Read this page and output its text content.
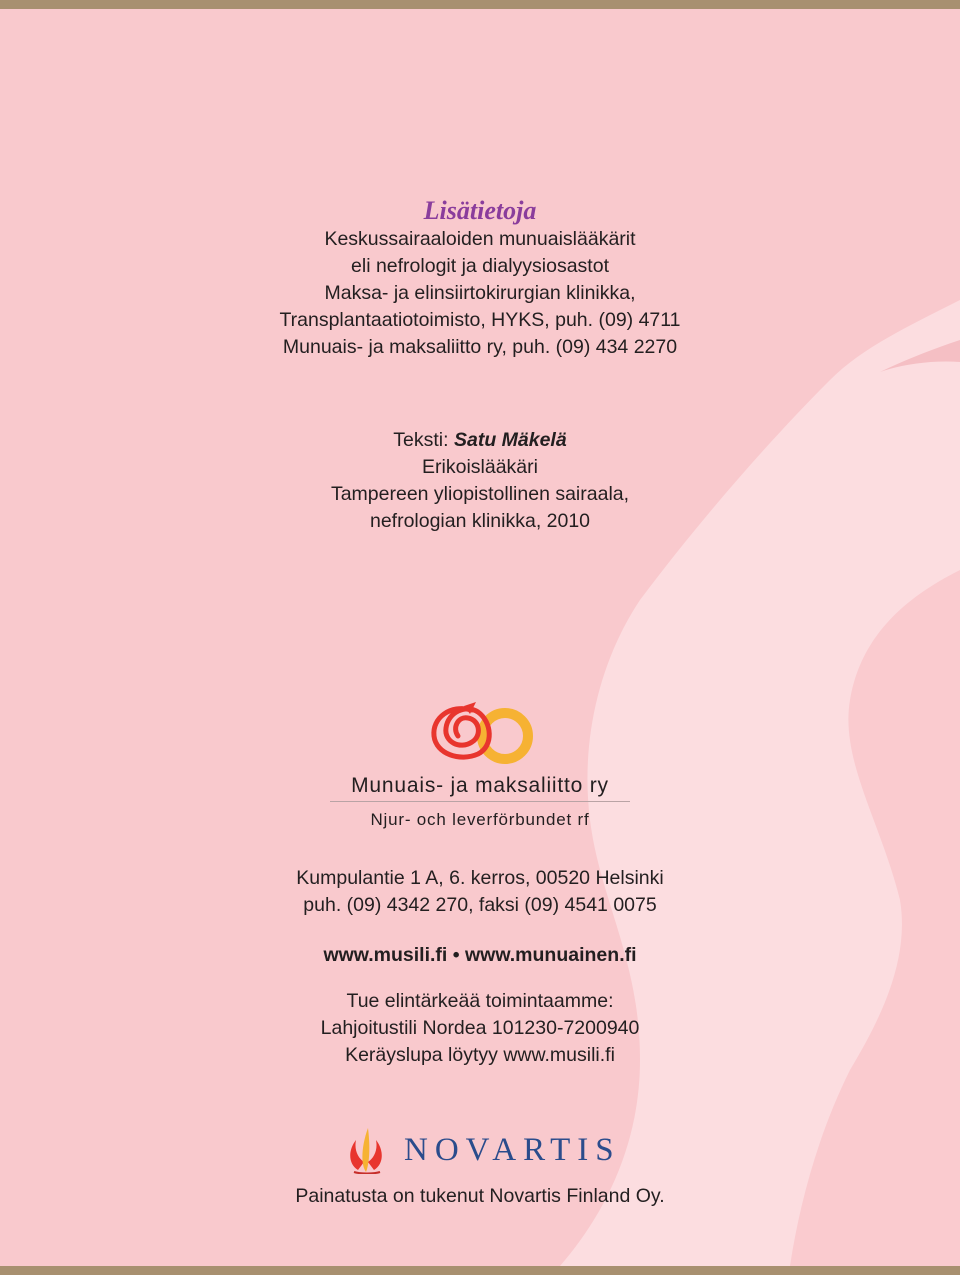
Lisätietoja
Keskussairaaloiden munuaislääkärit
eli nefrologit ja dialyysiosastot
Maksa- ja elinsiirtokirurgian klinikka,
Transplantaatiotoimisto, HYKS, puh. (09) 4711
Munuais- ja maksaliitto ry, puh. (09) 434 2270
Teksti: Satu Mäkelä
Erikoislääkäri
Tampereen yliopistollinen sairaala,
nefrologian klinikka, 2010
Munuais- ja maksaliitto ry
Njur- och leverförbundet rf
Kumpulantie 1 A, 6. kerros, 00520 Helsinki
puh. (09) 4342 270, faksi (09) 4541 0075
www.musili.fi • www.munuainen.fi
Tue elintärkeää toimintaamme:
Lahjoitustili Nordea 101230-7200940
Keräyslupa löytyy www.musili.fi
NOVARTIS
Painatusta on tukenut Novartis Finland Oy.
